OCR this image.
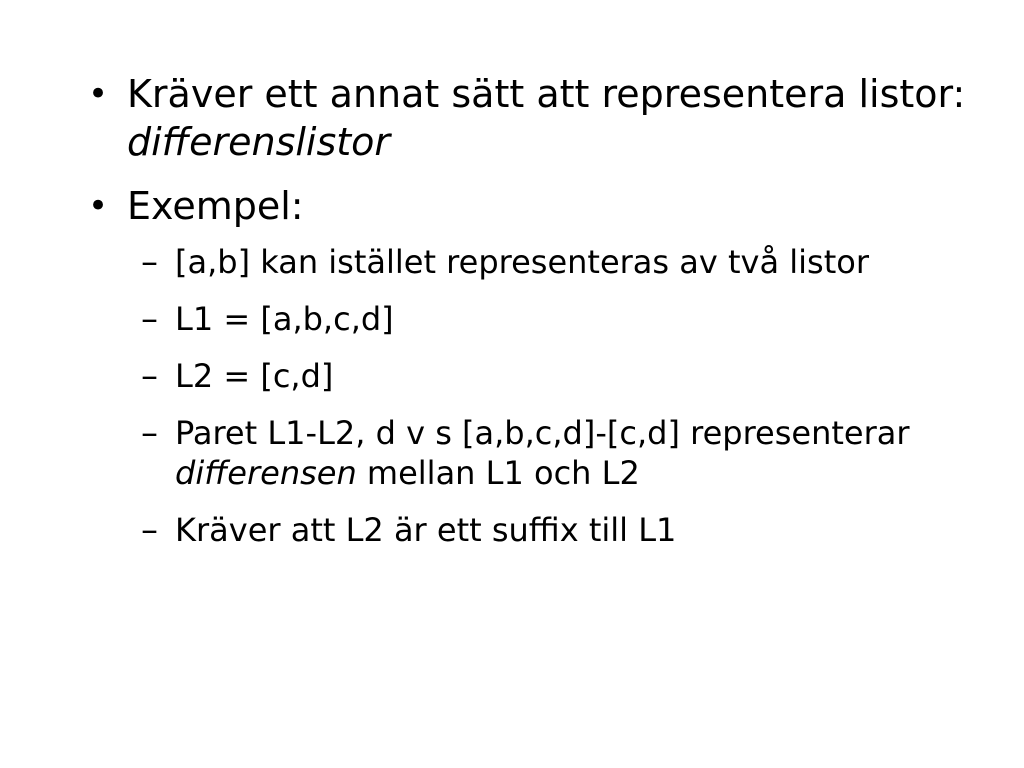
• Kräver ett annat sätt att representera listor: differenslistor
• Exempel:
– [a,b] kan istället representeras av två listor
– L1 = [a,b,c,d]
– L2 = [c,d]
– Paret L1-L2, d v s [a,b,c,d]-[c,d] representerar differensen mellan L1 och L2
– Kräver att L2 är ett suffix till L1
